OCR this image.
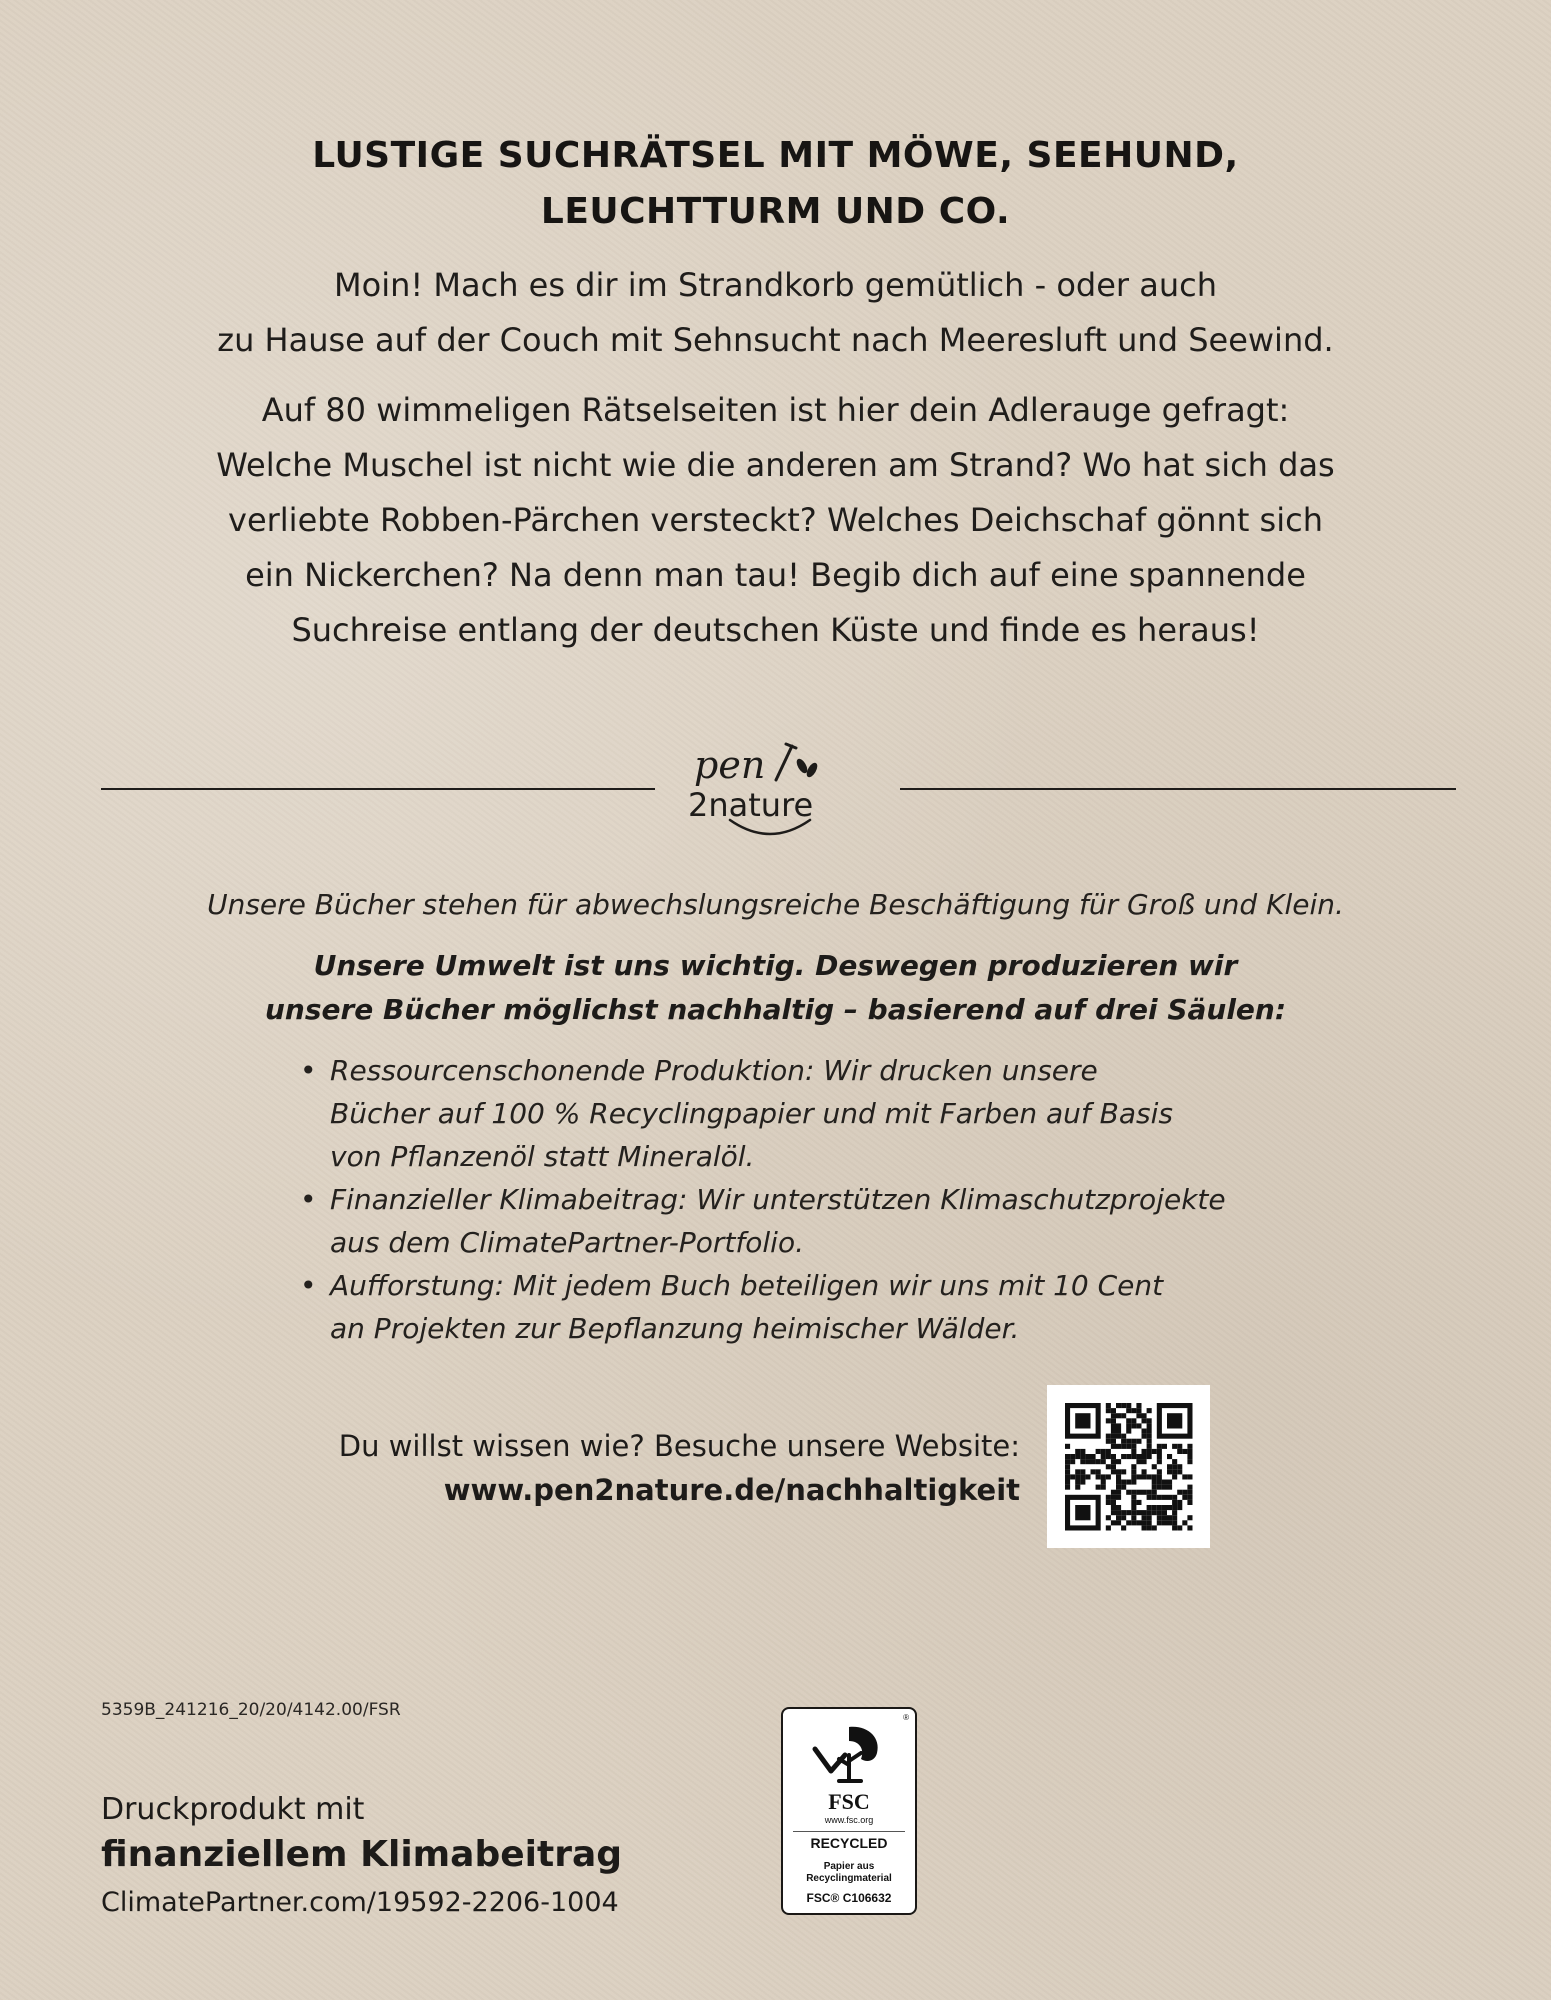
LUSTIGE SUCHRÄTSEL MIT MÖWE, SEEHUND,
LEUCHTTURM UND CO.

Moin! Mach es dir im Strandkorb gemütlich - oder auch
zu Hause auf der Couch mit Sehnsucht nach Meeresluft und Seewind.

Auf 80 wimmeligen Rätselseiten ist hier dein Adlerauge gefragt:
Welche Muschel ist nicht wie die anderen am Strand? Wo hat sich das
verliebte Robben-Pärchen versteckt? Welches Deichschaf gönnt sich
ein Nickerchen? Na denn man tau! Begib dich auf eine spannende
Suchreise entlang der deutschen Küste und finde es heraus!

pen
2nature
Unsere Bücher stehen für abwechslungsreiche Beschäftigung für Groß und Klein.
Unsere Umwelt ist uns wichtig. Deswegen produzieren wir
unsere Bücher möglichst nachhaltig – basierend auf drei Säulen:
• Ressourcenschonende Produktion: Wir drucken unsere
Bücher auf 100 % Recyclingpapier und mit Farben auf Basis
von Pflanzenöl statt Mineralöl.
• Finanzieller Klimabeitrag: Wir unterstützen Klimaschutzprojekte
aus dem ClimatePartner-Portfolio.
• Aufforstung: Mit jedem Buch beteiligen wir uns mit 10 Cent
an Projekten zur Bepflanzung heimischer Wälder.
Du willst wissen wie? Besuche unsere Website:
www.pen2nature.de/nachhaltigkeit
5359B_241216_20/20/4142.00/FSR
Druckprodukt mit
finanziellem Klimabeitrag
ClimatePartner.com/19592-2206-1004
®
FSC
www.fsc.org
RECYCLED
Papier aus
Recyclingmaterial
FSC® C106632
